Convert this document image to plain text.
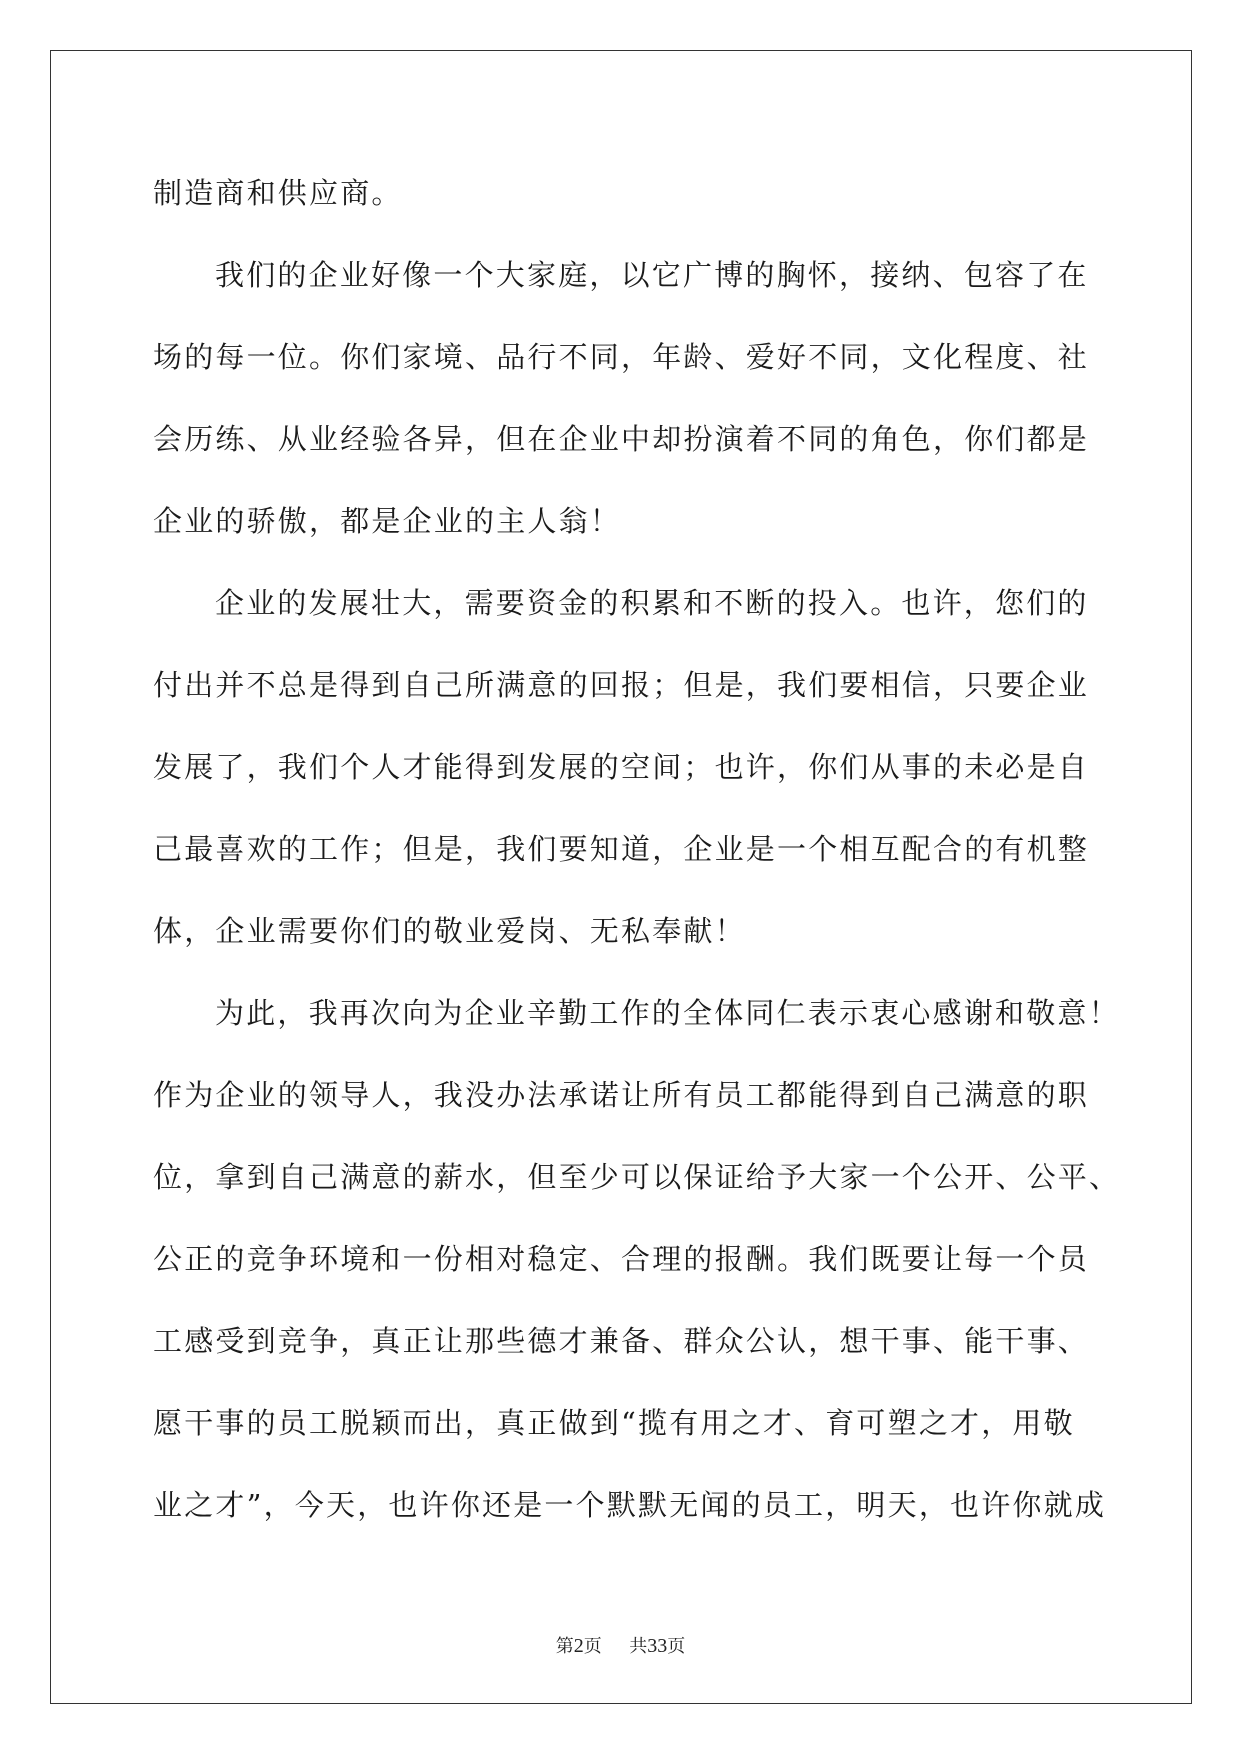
制造商和供应商。

我们的企业好像一个大家庭，以它广博的胸怀，接纳、包容了在

场的每一位。你们家境、品行不同，年龄、爱好不同，文化程度、社

会历练、从业经验各异，但在企业中却扮演着不同的角色，你们都是

企业的骄傲，都是企业的主人翁！

企业的发展壮大，需要资金的积累和不断的投入。也许，您们的

付出并不总是得到自己所满意的回报；但是，我们要相信，只要企业

发展了，我们个人才能得到发展的空间；也许，你们从事的未必是自

己最喜欢的工作；但是，我们要知道，企业是一个相互配合的有机整

体，企业需要你们的敬业爱岗、无私奉献！

为此，我再次向为企业辛勤工作的全体同仁表示衷心感谢和敬意！

作为企业的领导人，我没办法承诺让所有员工都能得到自己满意的职

位，拿到自己满意的薪水，但至少可以保证给予大家一个公开、公平、

公正的竞争环境和一份相对稳定、合理的报酬。我们既要让每一个员

工感受到竞争，真正让那些德才兼备、群众公认，想干事、能干事、

愿干事的员工脱颖而出，真正做到“揽有用之才、育可塑之才，用敬

业之才”，今天，也许你还是一个默默无闻的员工，明天，也许你就成

第2页 共33页
